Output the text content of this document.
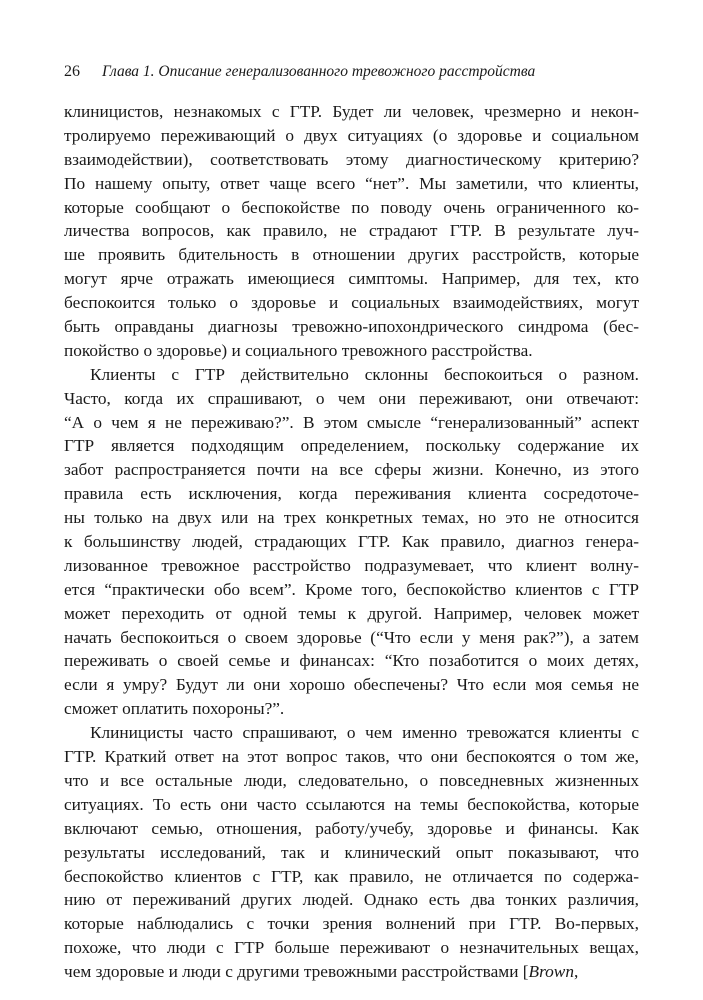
26 Глава 1. Описание генерализованного тревожного расстройства
клиницистов, незнакомых с ГТР. Будет ли человек, чрезмерно и некон-
тролируемо переживающий о двух ситуациях (о здоровье и социальном
взаимодействии), соответствовать этому диагностическому критерию?
По нашему опыту, ответ чаще всего “нет”. Мы заметили, что клиенты,
которые сообщают о беспокойстве по поводу очень ограниченного ко-
личества вопросов, как правило, не страдают ГТР. В результате луч-
ше проявить бдительность в отношении других расстройств, которые
могут ярче отражать имеющиеся симптомы. Например, для тех, кто
беспокоится только о здоровье и социальных взаимодействиях, могут
быть оправданы диагнозы тревожно-ипохондрического синдрома (бес-
покойство о здоровье) и социального тревожного расстройства.
Клиенты с ГТР действительно склонны беспокоиться о разном.
Часто, когда их спрашивают, о чем они переживают, они отвечают:
“А о чем я не переживаю?”. В этом смысле “генерализованный” аспект
ГТР является подходящим определением, поскольку содержание их
забот распространяется почти на все сферы жизни. Конечно, из этого
правила есть исключения, когда переживания клиента сосредоточе-
ны только на двух или на трех конкретных темах, но это не относится
к большинству людей, страдающих ГТР. Как правило, диагноз генера-
лизованное тревожное расстройство подразумевает, что клиент волну-
ется “практически обо всем”. Кроме того, беспокойство клиентов с ГТР
может переходить от одной темы к другой. Например, человек может
начать беспокоиться о своем здоровье (“Что если у меня рак?”), а затем
переживать о своей семье и финансах: “Кто позаботится о моих детях,
если я умру? Будут ли они хорошо обеспечены? Что если моя семья не
сможет оплатить похороны?”.
Клиницисты часто спрашивают, о чем именно тревожатся клиенты с
ГТР. Краткий ответ на этот вопрос таков, что они беспокоятся о том же,
что и все остальные люди, следовательно, о повседневных жизненных
ситуациях. То есть они часто ссылаются на темы беспокойства, которые
включают семью, отношения, работу/учебу, здоровье и финансы. Как
результаты исследований, так и клинический опыт показывают, что
беспокойство клиентов с ГТР, как правило, не отличается по содержа-
нию от переживаний других людей. Однако есть два тонких различия,
которые наблюдались с точки зрения волнений при ГТР. Во-первых,
похоже, что люди с ГТР больше переживают о незначительных вещах,
чем здоровые и люди с другими тревожными расстройствами [Brown,
